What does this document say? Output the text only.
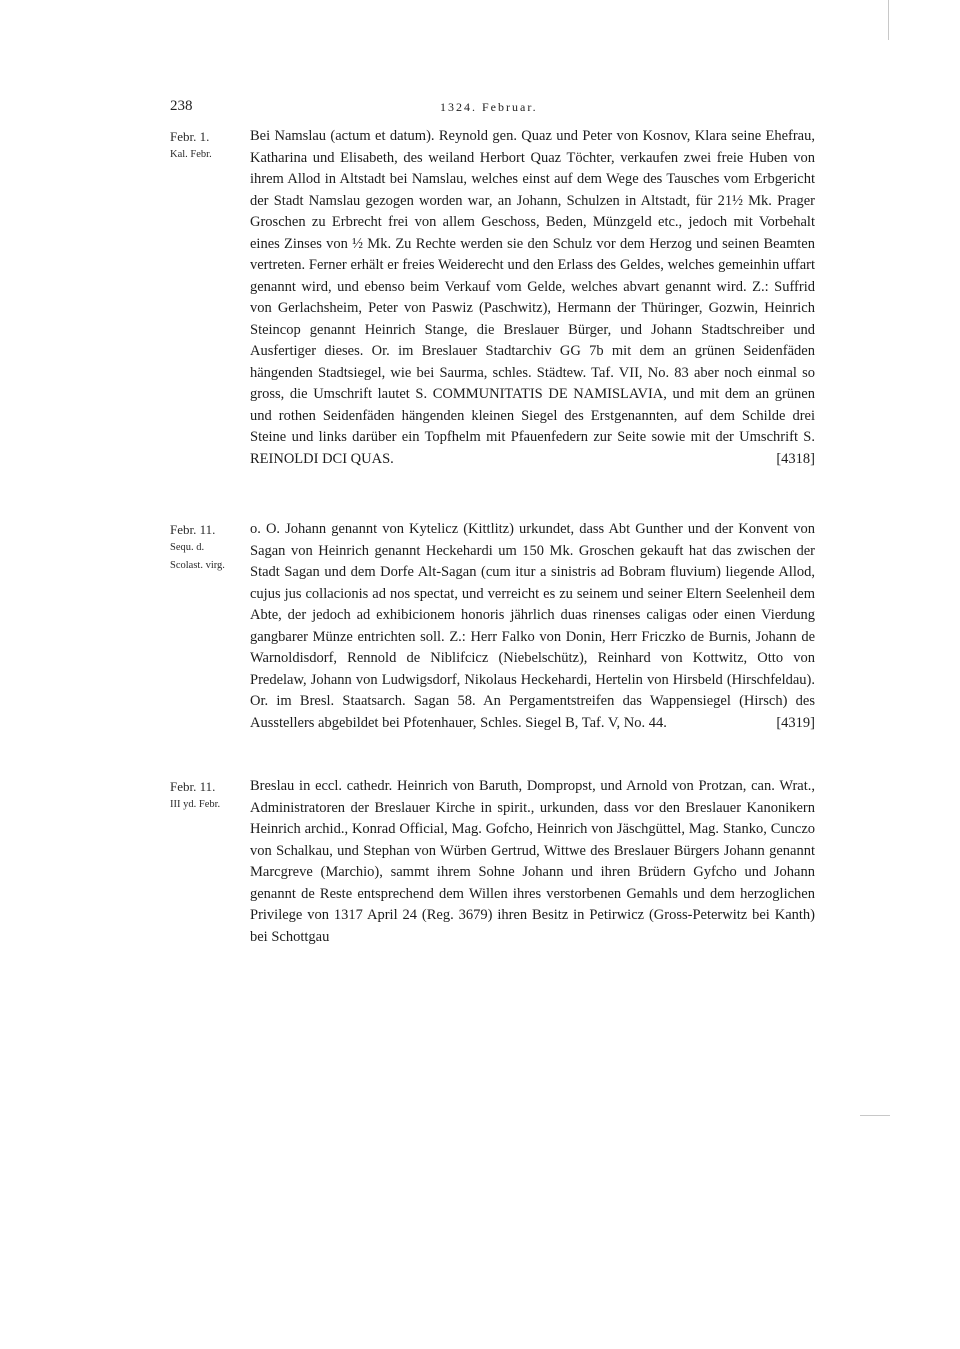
238	1324. Februar.
Febr. 1.
Kal. Febr.

Bei Namslau (actum et datum). Reynold gen. Quaz und Peter von Kosnov, Klara seine Ehefrau, Katharina und Elisabeth, des weiland Herbort Quaz Töchter, verkaufen zwei freie Huben von ihrem Allod in Altstadt bei Namslau, welches einst auf dem Wege des Tausches vom Erbgericht der Stadt Namslau gezogen worden war, an Johann, Schulzen in Altstadt, für 21½ Mk. Prager Groschen zu Erbrecht frei von allem Geschoss, Beden, Münzgeld etc., jedoch mit Vorbehalt eines Zinses von ½ Mk. Zu Rechte werden sie den Schulz vor dem Herzog und seinen Beamten vertreten. Ferner erhält er freies Weiderecht und den Erlass des Geldes, welches gemeinhin uffart genannt wird, und ebenso beim Verkauf vom Gelde, welches abvart genannt wird. Z.: Suffrid von Gerlachsheim, Peter von Paswiz (Paschwitz), Hermann der Thüringer, Gozwin, Heinrich Steincop genannt Heinrich Stange, die Breslauer Bürger, und Johann Stadtschreiber und Ausfertiger dieses. Or. im Breslauer Stadtarchiv GG 7b mit dem an grünen Seidenfäden hängenden Stadtsiegel, wie bei Saurma, schles. Städtew. Taf. VII, No. 83 aber noch einmal so gross, die Umschrift lautet S. COMMUNITATIS DE NAMISLAVIA, und mit dem an grünen und rothen Seidenfäden hängenden kleinen Siegel des Erstgenannten, auf dem Schilde drei Steine und links darüber ein Topfhelm mit Pfauenfedern zur Seite sowie mit der Umschrift S. REINOLDI DCI QUAS.	[4318]

Febr. 11.
Sequ. d.
Scolast. virg.

o. O. Johann genannt von Kytelicz (Kittlitz) urkundet, dass Abt Gunther und der Konvent von Sagan von Heinrich genannt Heckehardi um 150 Mk. Groschen gekauft hat das zwischen der Stadt Sagan und dem Dorfe Alt-Sagan (cum itur a sinistris ad Bobram fluvium) liegende Allod, cujus jus collacionis ad nos spectat, und verreicht es zu seinem und seiner Eltern Seelenheil dem Abte, der jedoch ad exhibicionem honoris jährlich duas rinenses caligas oder einen Vierdung gangbarer Münze entrichten soll. Z.: Herr Falko von Donin, Herr Friczko de Burnis, Johann de Warnoldisdorf, Rennold de Niblifcicz (Niebelschütz), Reinhard von Kottwitz, Otto von Predelaw, Johann von Ludwigsdorf, Nikolaus Heckehardi, Hertelin von Hirsbeld (Hirschfeldau). Or. im Bresl. Staatsarch. Sagan 58. An Pergamentstreifen das Wappensiegel (Hirsch) des Ausstellers abgebildet bei Pfotenhauer, Schles. Siegel B, Taf. V, No. 44.	[4319]

Febr. 11.
III yd. Febr.

Breslau in eccl. cathedr. Heinrich von Baruth, Dompropst, und Arnold von Protzan, can. Wrat., Administratoren der Breslauer Kirche in spirit., urkunden, dass vor den Breslauer Kanonikern Heinrich archid., Konrad Official, Mag. Gofcho, Heinrich von Jäschgüttel, Mag. Stanko, Cunczo von Schalkau, und Stephan von Würben Gertrud, Wittwe des Breslauer Bürgers Johann genannt Marcgreve (Marchio), sammt ihrem Sohne Johann und ihren Brüdern Gyfcho und Johann genannt de Reste entsprechend dem Willen ihres verstorbenen Gemahls und dem herzoglichen Privilege von 1317 April 24 (Reg. 3679) ihren Besitz in Petirwicz (Gross-Peterwitz bei Kanth) bei Schottgau
